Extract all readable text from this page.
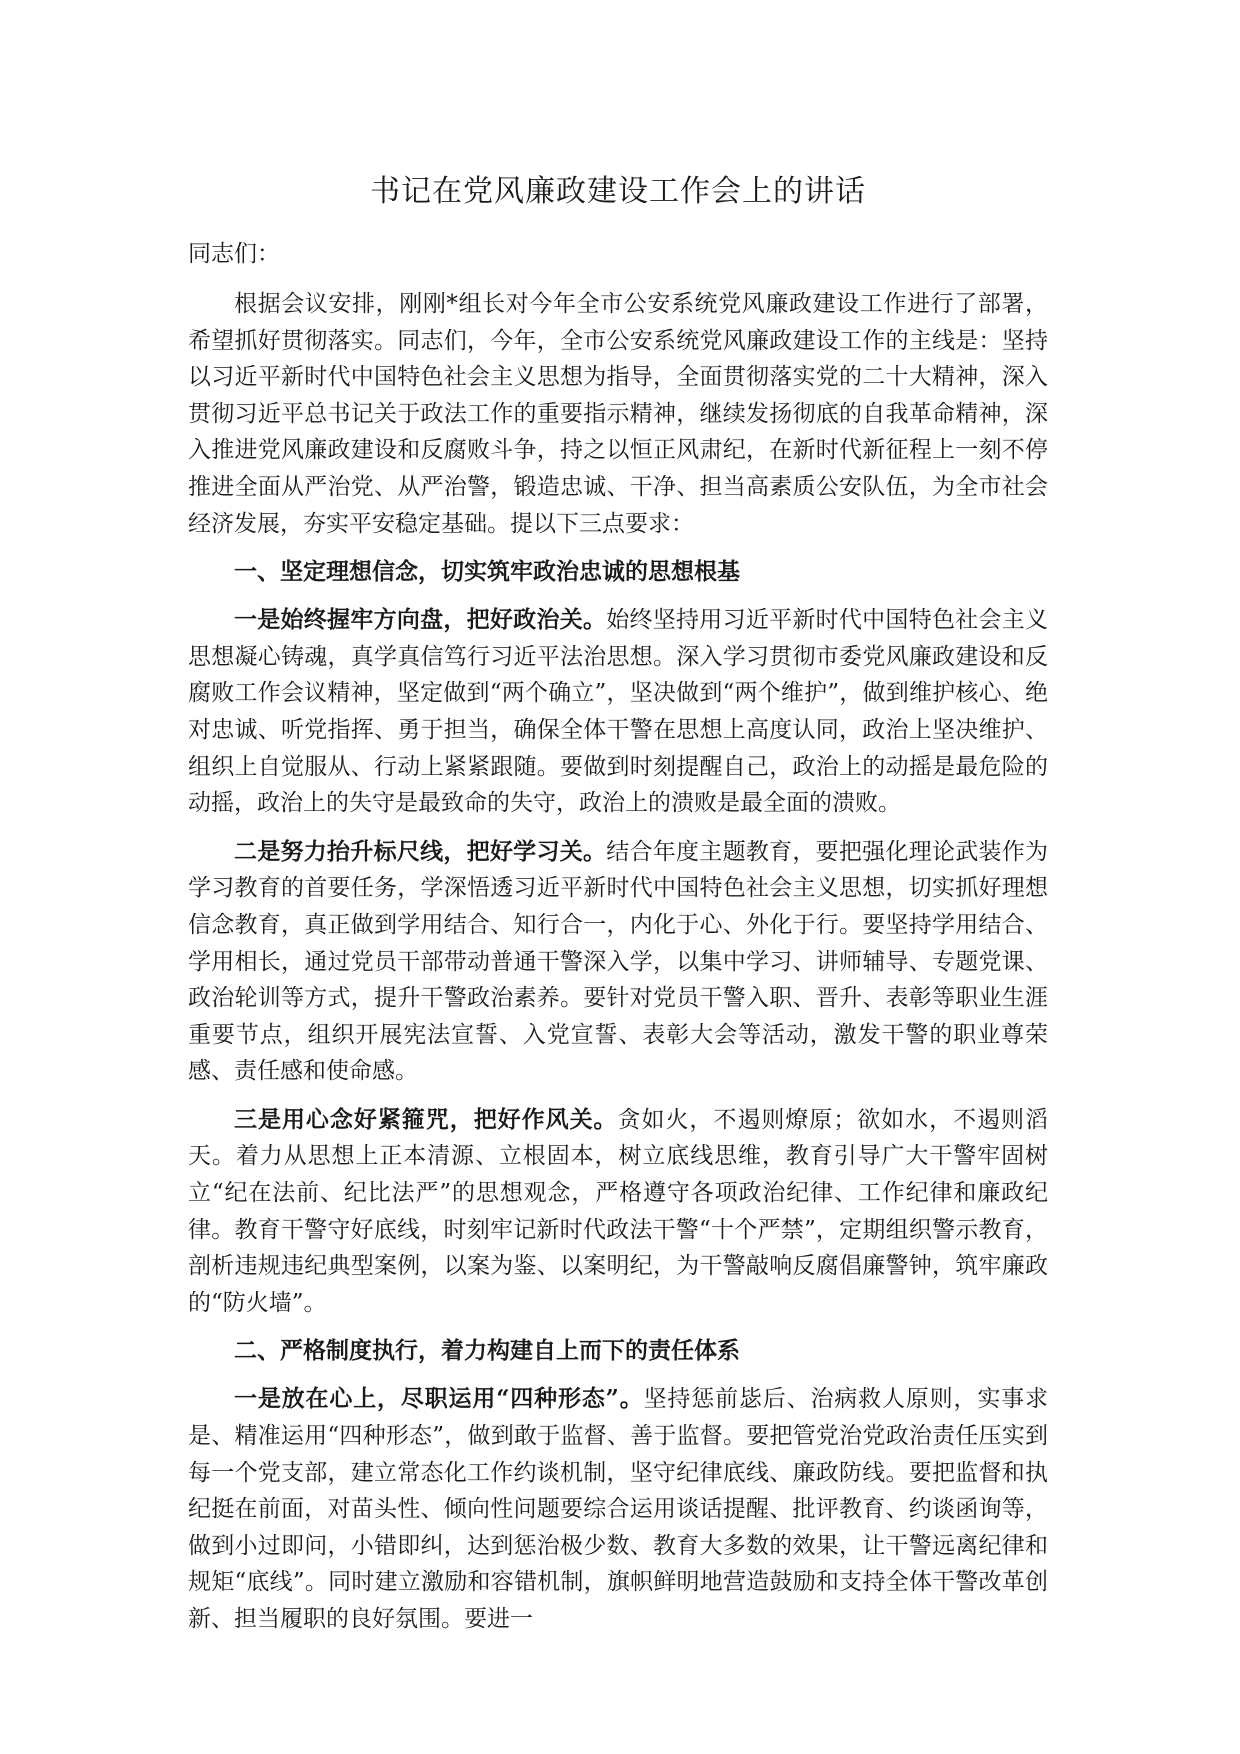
书记在党风廉政建设工作会上的讲话

同志们：

根据会议安排，刚刚*组长对今年全市公安系统党风廉政建设工作进行了部署，希望抓好贯彻落实。同志们，今年，全市公安系统党风廉政建设工作的主线是：坚持以习近平新时代中国特色社会主义思想为指导，全面贯彻落实党的二十大精神，深入贯彻习近平总书记关于政法工作的重要指示精神，继续发扬彻底的自我革命精神，深入推进党风廉政建设和反腐败斗争，持之以恒正风肃纪，在新时代新征程上一刻不停推进全面从严治党、从严治警，锻造忠诚、干净、担当高素质公安队伍，为全市社会经济发展，夯实平安稳定基础。提以下三点要求：

一、坚定理想信念，切实筑牢政治忠诚的思想根基

一是始终握牢方向盘，把好政治关。始终坚持用习近平新时代中国特色社会主义思想凝心铸魂，真学真信笃行习近平法治思想。深入学习贯彻市委党风廉政建设和反腐败工作会议精神，坚定做到“两个确立”，坚决做到“两个维护”，做到维护核心、绝对忠诚、听党指挥、勇于担当，确保全体干警在思想上高度认同，政治上坚决维护、组织上自觉服从、行动上紧紧跟随。要做到时刻提醒自己，政治上的动摇是最危险的动摇，政治上的失守是最致命的失守，政治上的溃败是最全面的溃败。

二是努力抬升标尺线，把好学习关。结合年度主题教育，要把强化理论武装作为学习教育的首要任务，学深悟透习近平新时代中国特色社会主义思想，切实抓好理想信念教育，真正做到学用结合、知行合一，内化于心、外化于行。要坚持学用结合、学用相长，通过党员干部带动普通干警深入学，以集中学习、讲师辅导、专题党课、政治轮训等方式，提升干警政治素养。要针对党员干警入职、晋升、表彰等职业生涯重要节点，组织开展宪法宣誓、入党宣誓、表彰大会等活动，激发干警的职业尊荣感、责任感和使命感。

三是用心念好紧箍咒，把好作风关。贪如火，不遏则燎原；欲如水，不遏则滔天。着力从思想上正本清源、立根固本，树立底线思维，教育引导广大干警牢固树立“纪在法前、纪比法严”的思想观念，严格遵守各项政治纪律、工作纪律和廉政纪律。教育干警守好底线，时刻牢记新时代政法干警“十个严禁”，定期组织警示教育，剖析违规违纪典型案例，以案为鉴、以案明纪，为干警敲响反腐倡廉警钟，筑牢廉政的“防火墙”。

二、严格制度执行，着力构建自上而下的责任体系

一是放在心上，尽职运用“四种形态”。坚持惩前毖后、治病救人原则，实事求是、精准运用“四种形态”，做到敢于监督、善于监督。要把管党治党政治责任压实到每一个党支部，建立常态化工作约谈机制，坚守纪律底线、廉政防线。要把监督和执纪挺在前面，对苗头性、倾向性问题要综合运用谈话提醒、批评教育、约谈函询等，做到小过即问，小错即纠，达到惩治极少数、教育大多数的效果，让干警远离纪律和规矩“底线”。同时建立激励和容错机制，旗帜鲜明地营造鼓励和支持全体干警改革创新、担当履职的良好氛围。要进一
